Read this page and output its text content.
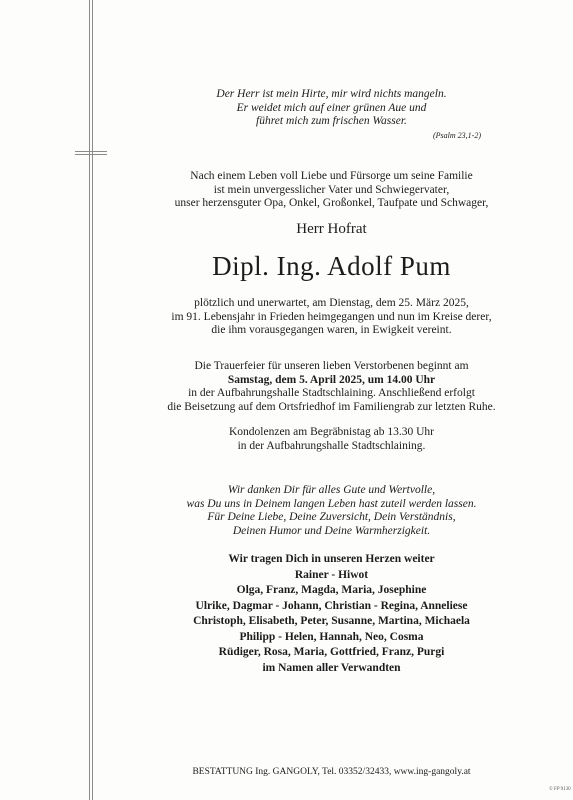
Der Herr ist mein Hirte, mir wird nichts mangeln.
Er weidet mich auf einer grünen Aue und
führet mich zum frischen Wasser.
(Psalm 23,1-2)
Nach einem Leben voll Liebe und Fürsorge um seine Familie
ist mein unvergesslicher Vater und Schwiegervater,
unser herzensguter Opa, Onkel, Großonkel, Taufpate und Schwager,
Herr Hofrat
Dipl. Ing. Adolf Pum
plötzlich und unerwartet, am Dienstag, dem 25. März 2025,
im 91. Lebensjahr in Frieden heimgegangen und nun im Kreise derer,
die ihm vorausgegangen waren, in Ewigkeit vereint.
Die Trauerfeier für unseren lieben Verstorbenen beginnt am
Samstag, dem 5. April 2025, um 14.00 Uhr
in der Aufbahrungshalle Stadtschlaining. Anschließend erfolgt
die Beisetzung auf dem Ortsfriedhof im Familiengrab zur letzten Ruhe.
Kondolenzen am Begräbnistag ab 13.30 Uhr
in der Aufbahrungshalle Stadtschlaining.
Wir danken Dir für alles Gute und Wertvolle,
was Du uns in Deinem langen Leben hast zuteil werden lassen.
Für Deine Liebe, Deine Zuversicht, Dein Verständnis,
Deinen Humor und Deine Warmherzigkeit.
Wir tragen Dich in unseren Herzen weiter
Rainer - Hiwot
Olga, Franz, Magda, Maria, Josephine
Ulrike, Dagmar - Johann, Christian - Regina, Anneliese
Christoph, Elisabeth, Peter, Susanne, Martina, Michaela
Philipp - Helen, Hannah, Neo, Cosma
Rüdiger, Rosa, Maria, Gottfried, Franz, Purgi
im Namen aller Verwandten
BESTATTUNG Ing. GANGOLY, Tel. 03352/32433, www.ing-gangoly.at
© FP 9130
